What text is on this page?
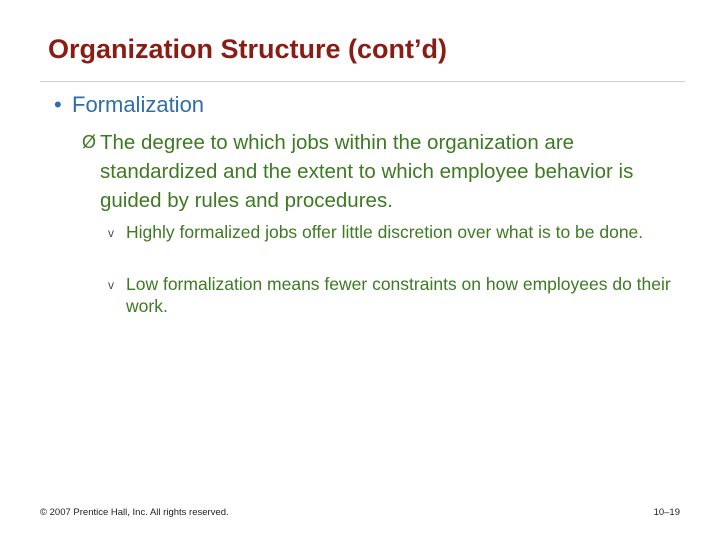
Organization Structure (cont’d)
• Formalization
Ø The degree to which jobs within the organization are standardized and the extent to which employee behavior is guided by rules and procedures.
v Highly formalized jobs offer little discretion over what is to be done.
v Low formalization means fewer constraints on how employees do their work.
© 2007 Prentice Hall, Inc. All rights reserved.	10–19
